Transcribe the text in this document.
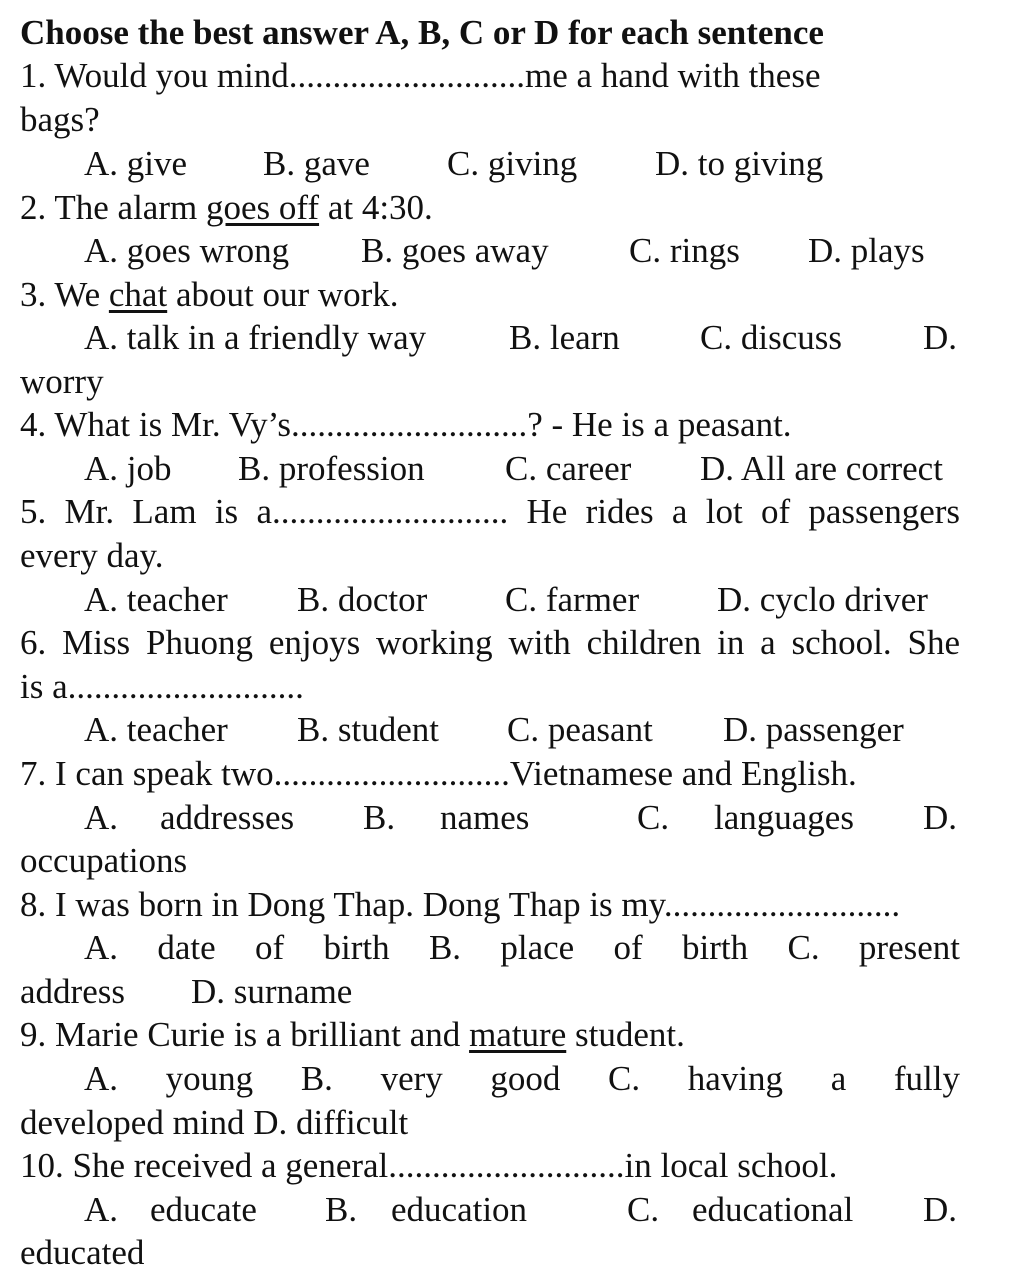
Choose the best answer A, B, C or D for each sentence
1. Would you mind...........................me a hand with these
bags?
A. give B. gave C. giving D. to giving
2. The alarm goes off at 4:30.
A. goes wrong B. goes away C. rings D. plays
3. We chat about our work.
A. talk in a friendly way B. learn C. discuss D.
worry
4. What is Mr. Vy’s...........................? - He is a peasant.
A. job B. profession C. career D. All are correct
5. Mr. Lam is a........................... He rides a lot of passengers
every day.
A. teacher B. doctor C. farmer D. cyclo driver
6. Miss Phuong enjoys working with children in a school. She
is a...........................
A. teacher B. student C. peasant D. passenger
7. I can speak two...........................Vietnamese and English.
A. addresses B. names	C. languages D.
occupations
8. I was born in Dong Thap. Dong Thap is my...........................
A. date of birth B. place of birth C. present
address	D. surname
9. Marie Curie is a brilliant and mature student.
A. young B. very good C. having a fully
developed mind D. difficult
10. She received a general...........................in local school.
A. educate B. education	C. educational D.
educated
